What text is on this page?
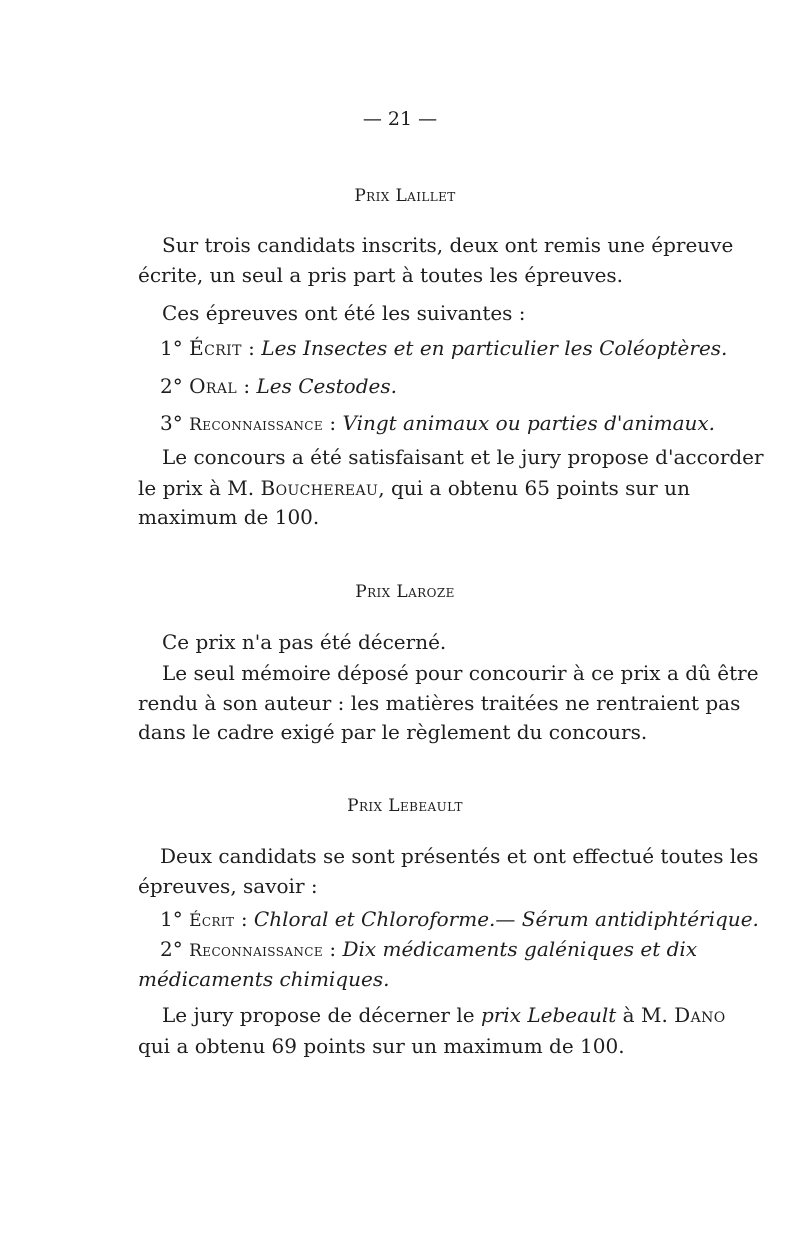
— 21 —
Prix Laillet
Sur trois candidats inscrits, deux ont remis une épreuve
écrite, un seul a pris part à toutes les épreuves.
Ces épreuves ont été les suivantes :
1° Écrit : Les Insectes et en particulier les Coléoptères.
2° Oral : Les Cestodes.
3° Reconnaissance : Vingt animaux ou parties d'animaux.
Le concours a été satisfaisant et le jury propose d'accorder
le prix à M. Bouchereau, qui a obtenu 65 points sur un
maximum de 100.
Prix Laroze
Ce prix n'a pas été décerné.
Le seul mémoire déposé pour concourir à ce prix a dû être
rendu à son auteur : les matières traitées ne rentraient pas
dans le cadre exigé par le règlement du concours.
Prix Lebeault
Deux candidats se sont présentés et ont effectué toutes les
épreuves, savoir :
1° Écrit : Chloral et Chloroforme.— Sérum antidiphtérique.
2° Reconnaissance : Dix médicaments galéniques et dix
médicaments chimiques.
Le jury propose de décerner le prix Lebeault à M. Dano
qui a obtenu 69 points sur un maximum de 100.
